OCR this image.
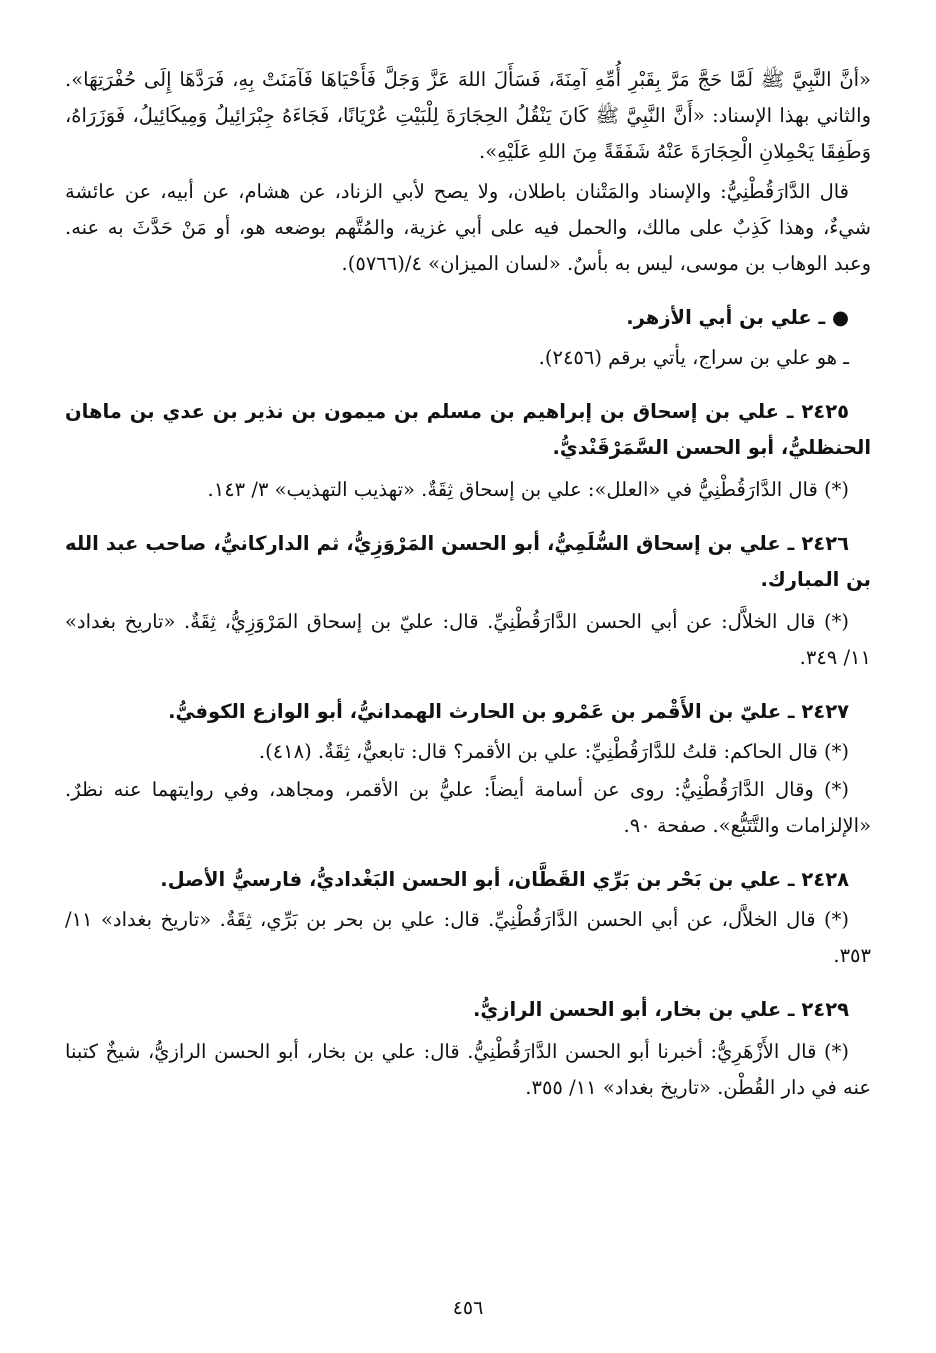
«أنَّ النَّبِيَّ ﷺ لَمَّا حَجَّ مَرَّ بِقَبْرِ أُمِّهِ آمِنَةَ، فَسَأَلَ اللهَ عَزَّ وَجَلَّ فَأَحْيَاهَا فَآمَنَتْ بِهِ، فَرَدَّهَا إِلَى حُفْرَتِهَا». والثاني بهذا الإسناد: «أَنَّ النَّبِيَّ ﷺ كَانَ يَنْقُلُ الحِجَارَةَ لِلْبَيْتِ عُرْيَانًا، فَجَاءَهُ جِبْرَائِيلُ وَمِيكَائِيلُ، فَوَزَرَاهُ، وَطَفِقَا يَحْمِلانِ الْحِجَارَةَ عَنْهُ شَفَقَةً مِنَ اللهِ عَلَيْهِ».

قال الدَّارَقُطْنِيُّ: والإسناد والمَتْنان باطلان، ولا يصح لأبي الزناد، عن هشام، عن أبيه، عن عائشة شيءٌ، وهذا كَذِبٌ على مالك، والحمل فيه على أبي غزية، والمُتَّهم بوضعه هو، أو مَنْ حَدَّثَ به عنه. وعبد الوهاب بن موسى، ليس به بأسٌ. «لسان الميزان» ٤/(٥٧٦٦).

● ـ علي بن أبي الأزهر.

ـ هو علي بن سراج، يأتي برقم (٢٤٥٦).

٢٤٢٥ ـ علي بن إسحاق بن إبراهيم بن مسلم بن ميمون بن نذير بن عدي بن ماهان الحنظليُّ، أبو الحسن السَّمَرْقَنْديُّ.

(*) قال الدَّارَقُطْنِيُّ في «العلل»: علي بن إسحاق ثِقَةٌ. «تهذيب التهذيب» ٣/ ١٤٣.

٢٤٢٦ ـ علي بن إسحاق السُّلَمِيُّ، أبو الحسن المَرْوَزِيُّ، ثم الداركانيُّ، صاحب عبد الله بن المبارك.

(*) قال الخلاَّل: عن أبي الحسن الدَّارَقُطْنِيِّ. قال: عليّ بن إسحاق المَرْوَزِيُّ، ثِقَةٌ. «تاريخ بغداد» ١١/ ٣٤٩.

٢٤٢٧ ـ عليّ بن الأَقْمر بن عَمْرو بن الحارث الهمدانيُّ، أبو الوازع الكوفيُّ.

(*) قال الحاكم: قلتُ للدَّارَقُطْنِيِّ: علي بن الأقمر؟ قال: تابعيٌّ، ثِقَةٌ. (٤١٨).

(*) وقال الدَّارَقُطْنِيُّ: روى عن أسامة أيضاً: عليُّ بن الأقمر، ومجاهد، وفي روايتهما عنه نظرٌ. «الإلزامات والتَّتَبُّع». صفحة ٩٠.

٢٤٢٨ ـ علي بن بَحْر بن بَرِّي القَطَّان، أبو الحسن البَغْداديُّ، فارسيُّ الأصل.

(*) قال الخلاَّل، عن أبي الحسن الدَّارَقُطْنِيِّ. قال: علي بن بحر بن بَرِّي، ثِقَةٌ. «تاريخ بغداد» ١١/ ٣٥٣.

٢٤٢٩ ـ علي بن بخار، أبو الحسن الرازيُّ.

(*) قال الأَزْهَرِيُّ: أخبرنا أبو الحسن الدَّارَقُطْنِيُّ. قال: علي بن بخار، أبو الحسن الرازيُّ، شيخٌ كتبنا عنه في دار القُطْن. «تاريخ بغداد» ١١/ ٣٥٥.

٤٥٦
